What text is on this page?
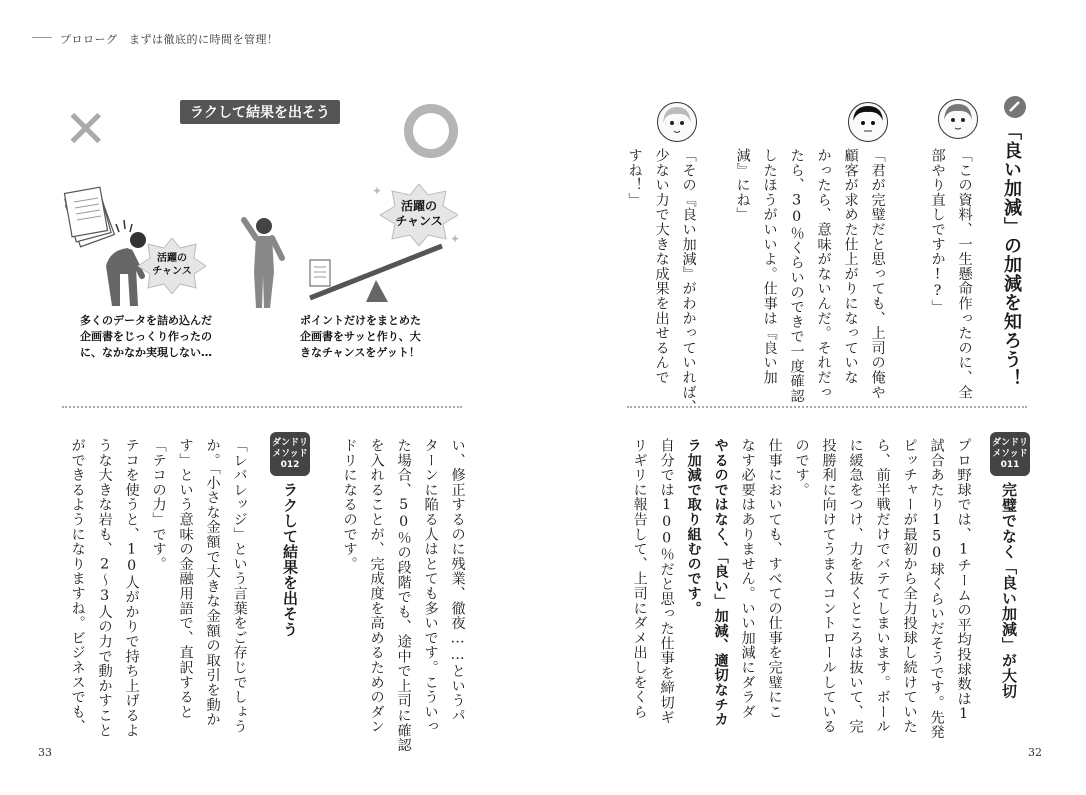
プロローグ　まずは徹底的に時間を管理！
33	32
「良い加減」の加減を知ろう！
「この資料、一生懸命作ったのに、全
部やり直しですか!?」
「君が完璧だと思っても、上司の俺や
顧客が求めた仕上がりになっていな
かったら、意味がないんだ。それだっ
たら、30％くらいのできで一度確認
したほうがいいよ。仕事は『良い加
減』にね」
「その『良い加減』がわかっていれば、
少ない力で大きな成果を出せるんで
すね！」
ダンドリ
メソッド
011
完璧でなく「良い加減」が大切
プロ野球では、1チームの平均投球数は1
試合あたり150球くらいだそうです。先発
ピッチャーが最初から全力投球し続けていた
ら、前半戦だけでバテてしまいます。ボール
に緩急をつけ、力を抜くところは抜いて、完
投勝利に向けてうまくコントロールしている
のです。
仕事においても、すべての仕事を完璧にこ
なす必要はありません。いい加減にダラダ
やるのではなく、「良い」加減、適切なチカ
ラ加減で取り組むのです。
自分では100％だと思った仕事を締切ギ
リギリに報告して、上司にダメ出しをくら
ラクして結果を出そう
✕
活躍の
チャンス
活躍の
チャンス
✦
✦
多くのデータを詰め込んだ
企画書をじっくり作ったの
に、なかなか実現しない…
ポイントだけをまとめた
企画書をサッと作り、大
きなチャンスをゲット！
い、修正するのに残業、徹夜……というパ
ターンに陥る人はとても多いです。こういっ
た場合、50％の段階でも、途中で上司に確認
を入れることが、完成度を高めるためのダン
ドリになるのです。
ダンドリ
メソッド
012
ラクして結果を出そう
「レバレッジ」という言葉をご存じでしょう
か。「小さな金額で大きな金額の取引を動か
す」という意味の金融用語で、直訳すると
「テコの力」です。
テコを使うと、10人がかりで持ち上げるよ
うな大きな岩も、2〜3人の力で動かすこと
ができるようになりますね。ビジネスでも、
